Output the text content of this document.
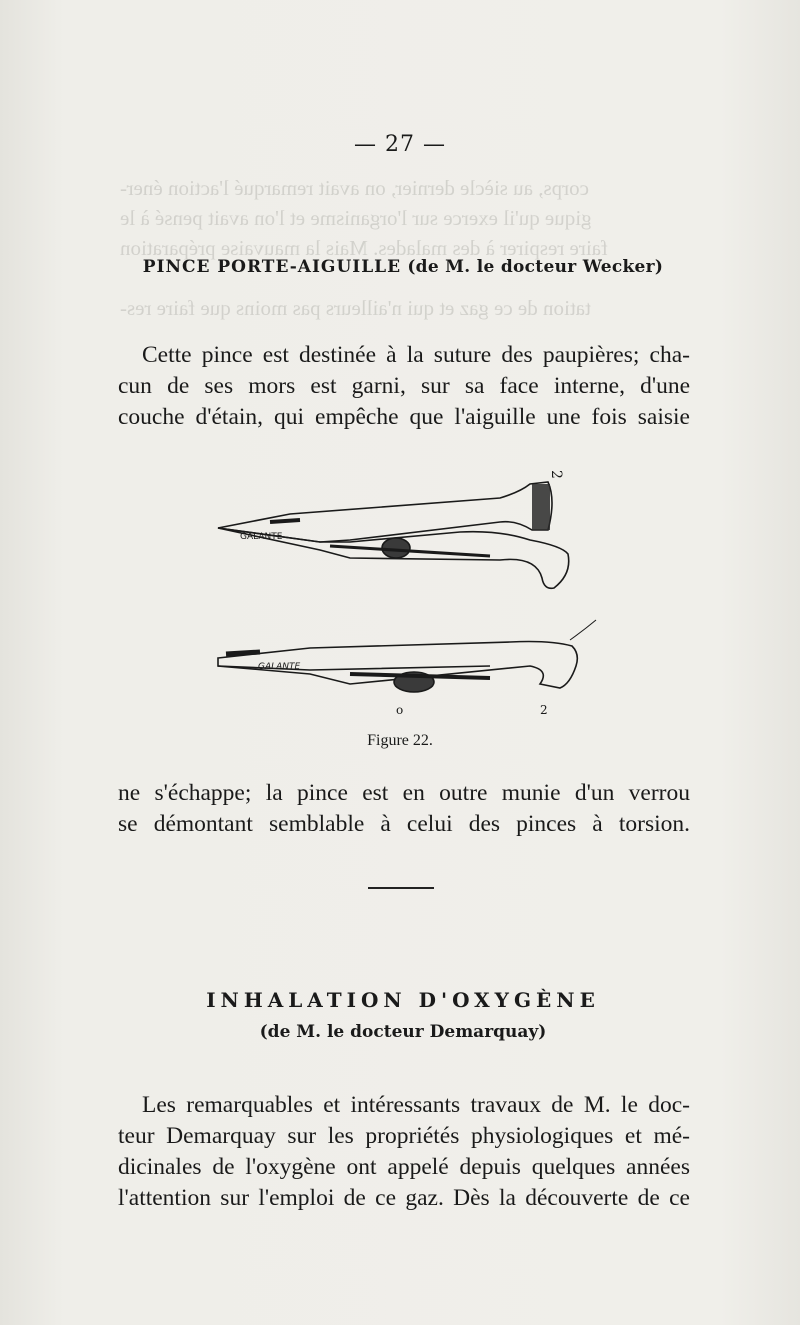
corps, au siècle dernier, on avait remarqué l'action éner-
gique qu'il exerce sur l'organisme et l'on avait pensé à le
faire respirer à des malades. Mais la mauvaise préparation
tation de ce gaz et qui n'ailleurs pas moins que faire res-
— 27 —
PINCE PORTE-AIGUILLE (de M. le docteur Wecker)
Cette pince est destinée à la suture des paupières; cha-
cun de ses mors est garni, sur sa face interne, d'une
couche d'étain, qui empêche que l'aiguille une fois saisie
GALANTE
GALANTE
2
o	2
Figure 22.
ne s'échappe; la pince est en outre munie d'un verrou
se démontant semblable à celui des pinces à torsion.
INHALATION D'OXYGÈNE
(de M. le docteur Demarquay)
Les remarquables et intéressants travaux de M. le doc-
teur Demarquay sur les propriétés physiologiques et mé-
dicinales de l'oxygène ont appelé depuis quelques années
l'attention sur l'emploi de ce gaz. Dès la découverte de ce
